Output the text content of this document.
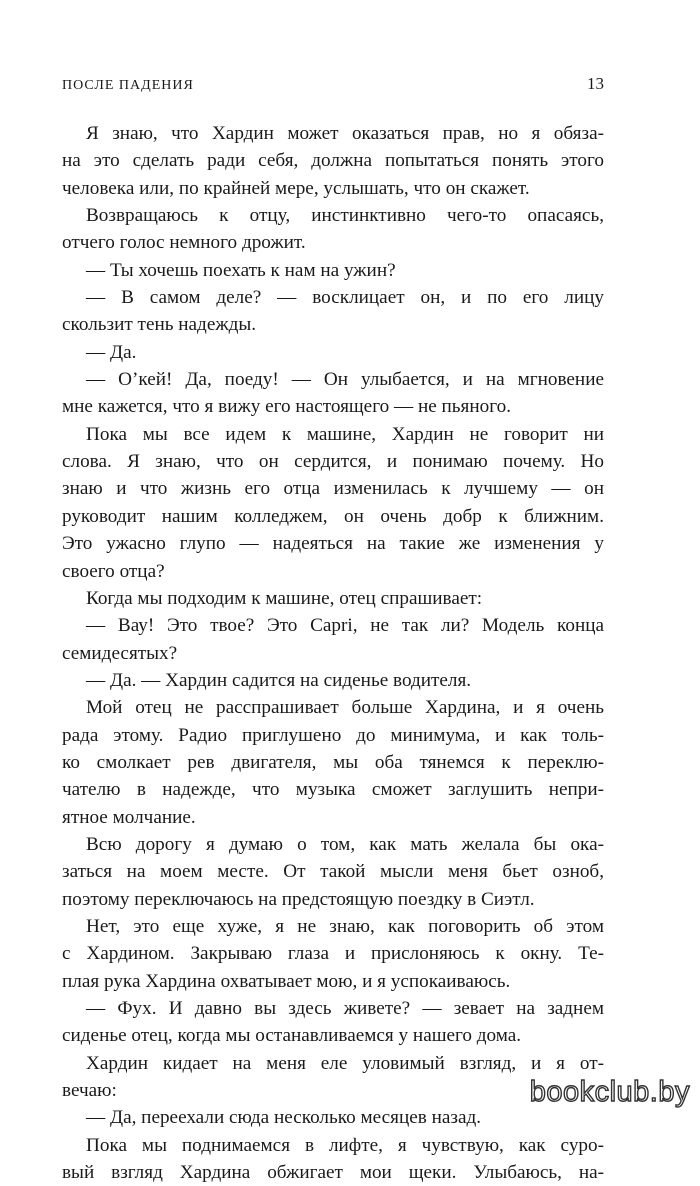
ПОСЛЕ ПАДЕНИЯ	13
Я знаю, что Хардин может оказаться прав, но я обяза-
на это сделать ради себя, должна попытаться понять этого
человека или, по крайней мере, услышать, что он скажет.
Возвращаюсь к отцу, инстинктивно чего-то опасаясь,
отчего голос немного дрожит.
— Ты хочешь поехать к нам на ужин?
— В самом деле? — восклицает он, и по его лицу
скользит тень надежды.
— Да.
— О’кей! Да, поеду! — Он улыбается, и на мгновение
мне кажется, что я вижу его настоящего — не пьяного.
Пока мы все идем к машине, Хардин не говорит ни
слова. Я знаю, что он сердится, и понимаю почему. Но
знаю и что жизнь его отца изменилась к лучшему — он
руководит нашим колледжем, он очень добр к ближним.
Это ужасно глупо — надеяться на такие же изменения у
своего отца?
Когда мы подходим к машине, отец спрашивает:
— Вау! Это твое? Это Capri, не так ли? Модель конца
семидесятых?
— Да. — Хардин садится на сиденье водителя.
Мой отец не расспрашивает больше Хардина, и я очень
рада этому. Радио приглушено до минимума, и как толь-
ко смолкает рев двигателя, мы оба тянемся к переклю-
чателю в надежде, что музыка сможет заглушить непри-
ятное молчание.
Всю дорогу я думаю о том, как мать желала бы ока-
заться на моем месте. От такой мысли меня бьет озноб,
поэтому переключаюсь на предстоящую поездку в Сиэтл.
Нет, это еще хуже, я не знаю, как поговорить об этом
с Хардином. Закрываю глаза и прислоняюсь к окну. Те-
плая рука Хардина охватывает мою, и я успокаиваюсь.
— Фух. И давно вы здесь живете? — зевает на заднем
сиденье отец, когда мы останавливаемся у нашего дома.
Хардин кидает на меня еле уловимый взгляд, и я от-
вечаю:
— Да, переехали сюда несколько месяцев назад.
Пока мы поднимаемся в лифте, я чувствую, как суро-
вый взгляд Хардина обжигает мои щеки. Улыбаюсь, на-
bookclub.by
